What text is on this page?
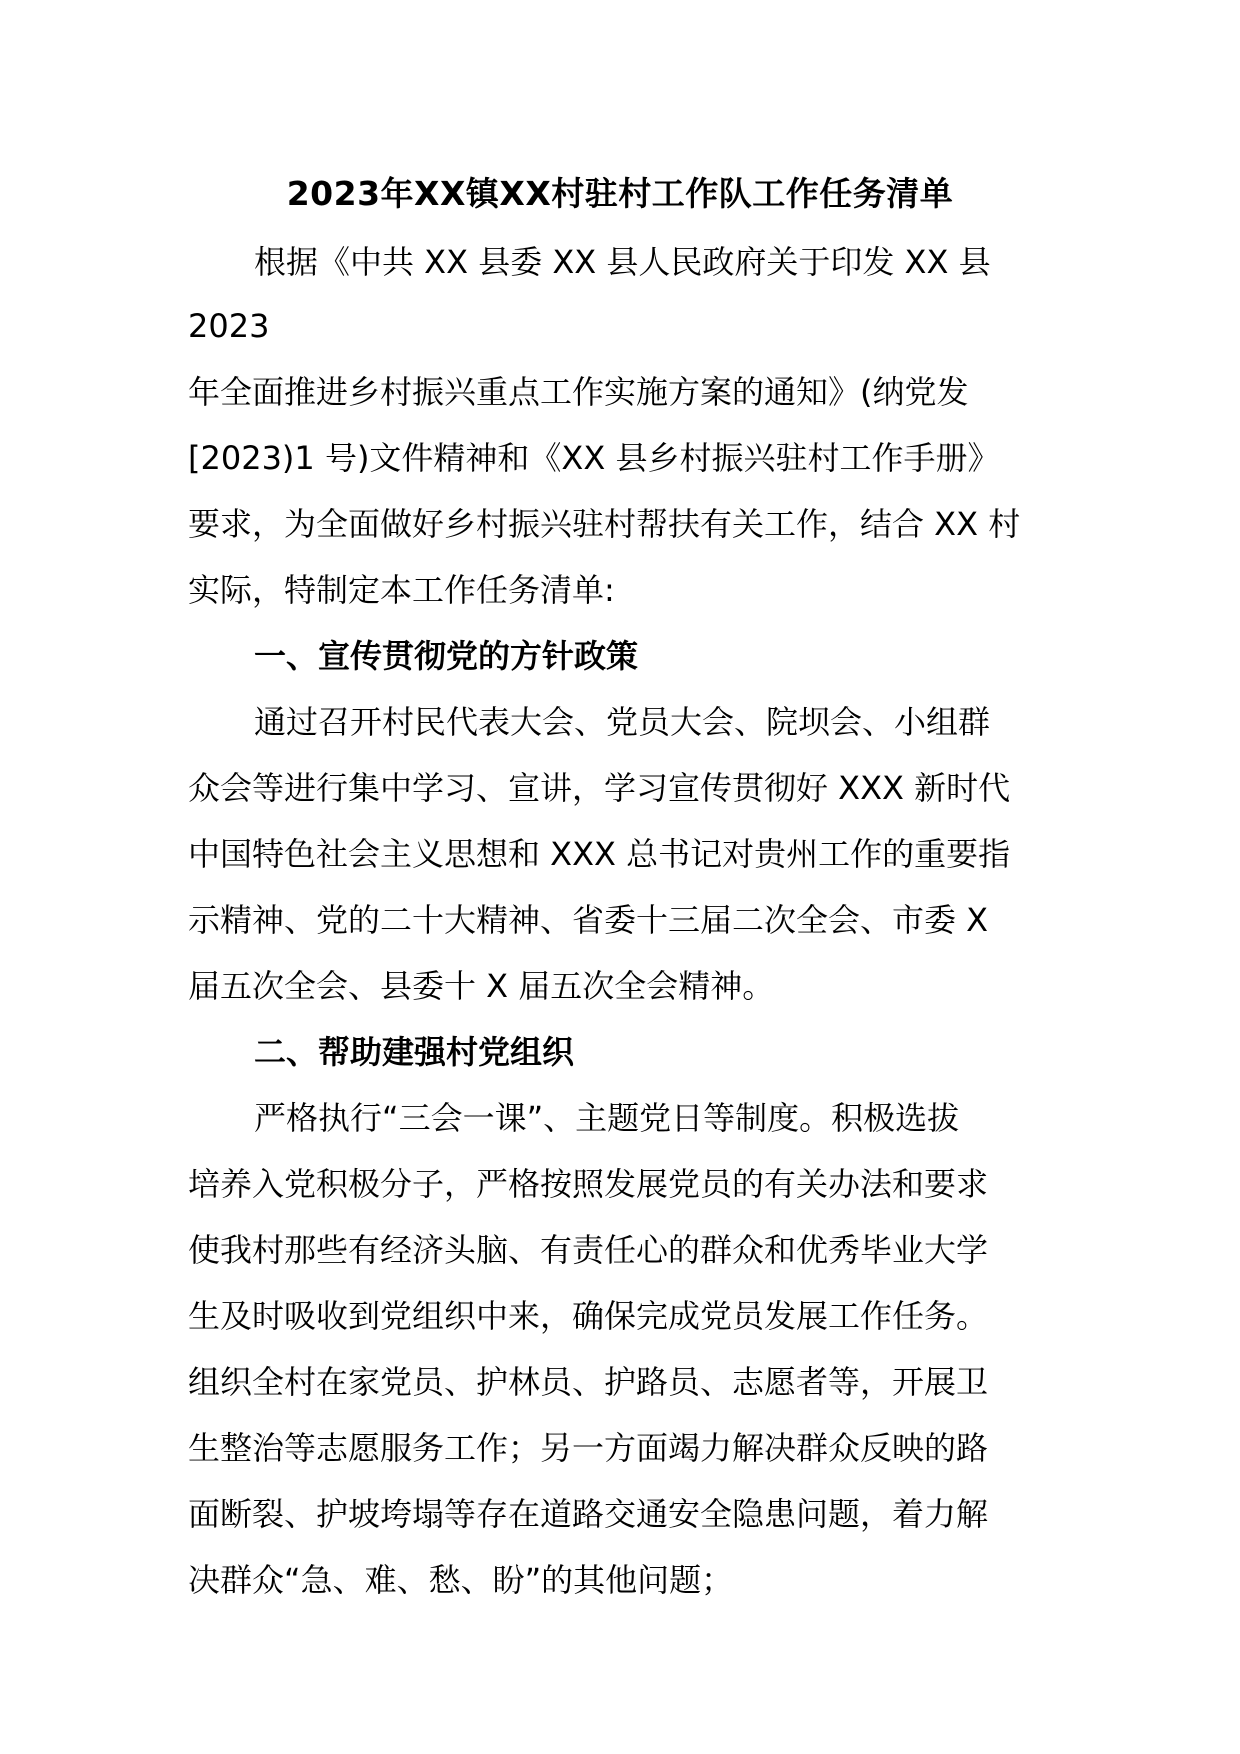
2023年XX镇XX村驻村工作队工作任务清单
根据《中共 XX 县委 XX 县人民政府关于印发 XX 县
2023
年全面推进乡村振兴重点工作实施方案的通知》(纳党发
[2023)1 号)文件精神和《XX 县乡村振兴驻村工作手册》
要求，为全面做好乡村振兴驻村帮扶有关工作，结合 XX 村
实际，特制定本工作任务清单:
一、宣传贯彻党的方针政策
通过召开村民代表大会、党员大会、院坝会、小组群
众会等进行集中学习、宣讲，学习宣传贯彻好 XXX 新时代
中国特色社会主义思想和 XXX 总书记对贵州工作的重要指
示精神、党的二十大精神、省委十三届二次全会、市委 X
届五次全会、县委十 X 届五次全会精神。
二、帮助建强村党组织
严格执行“三会一课”、主题党日等制度。积极选拔
培养入党积极分子，严格按照发展党员的有关办法和要求
使我村那些有经济头脑、有责任心的群众和优秀毕业大学
生及时吸收到党组织中来，确保完成党员发展工作任务。
组织全村在家党员、护林员、护路员、志愿者等，开展卫
生整治等志愿服务工作；另一方面竭力解决群众反映的路
面断裂、护坡垮塌等存在道路交通安全隐患问题，着力解
决群众“急、难、愁、盼”的其他问题；
